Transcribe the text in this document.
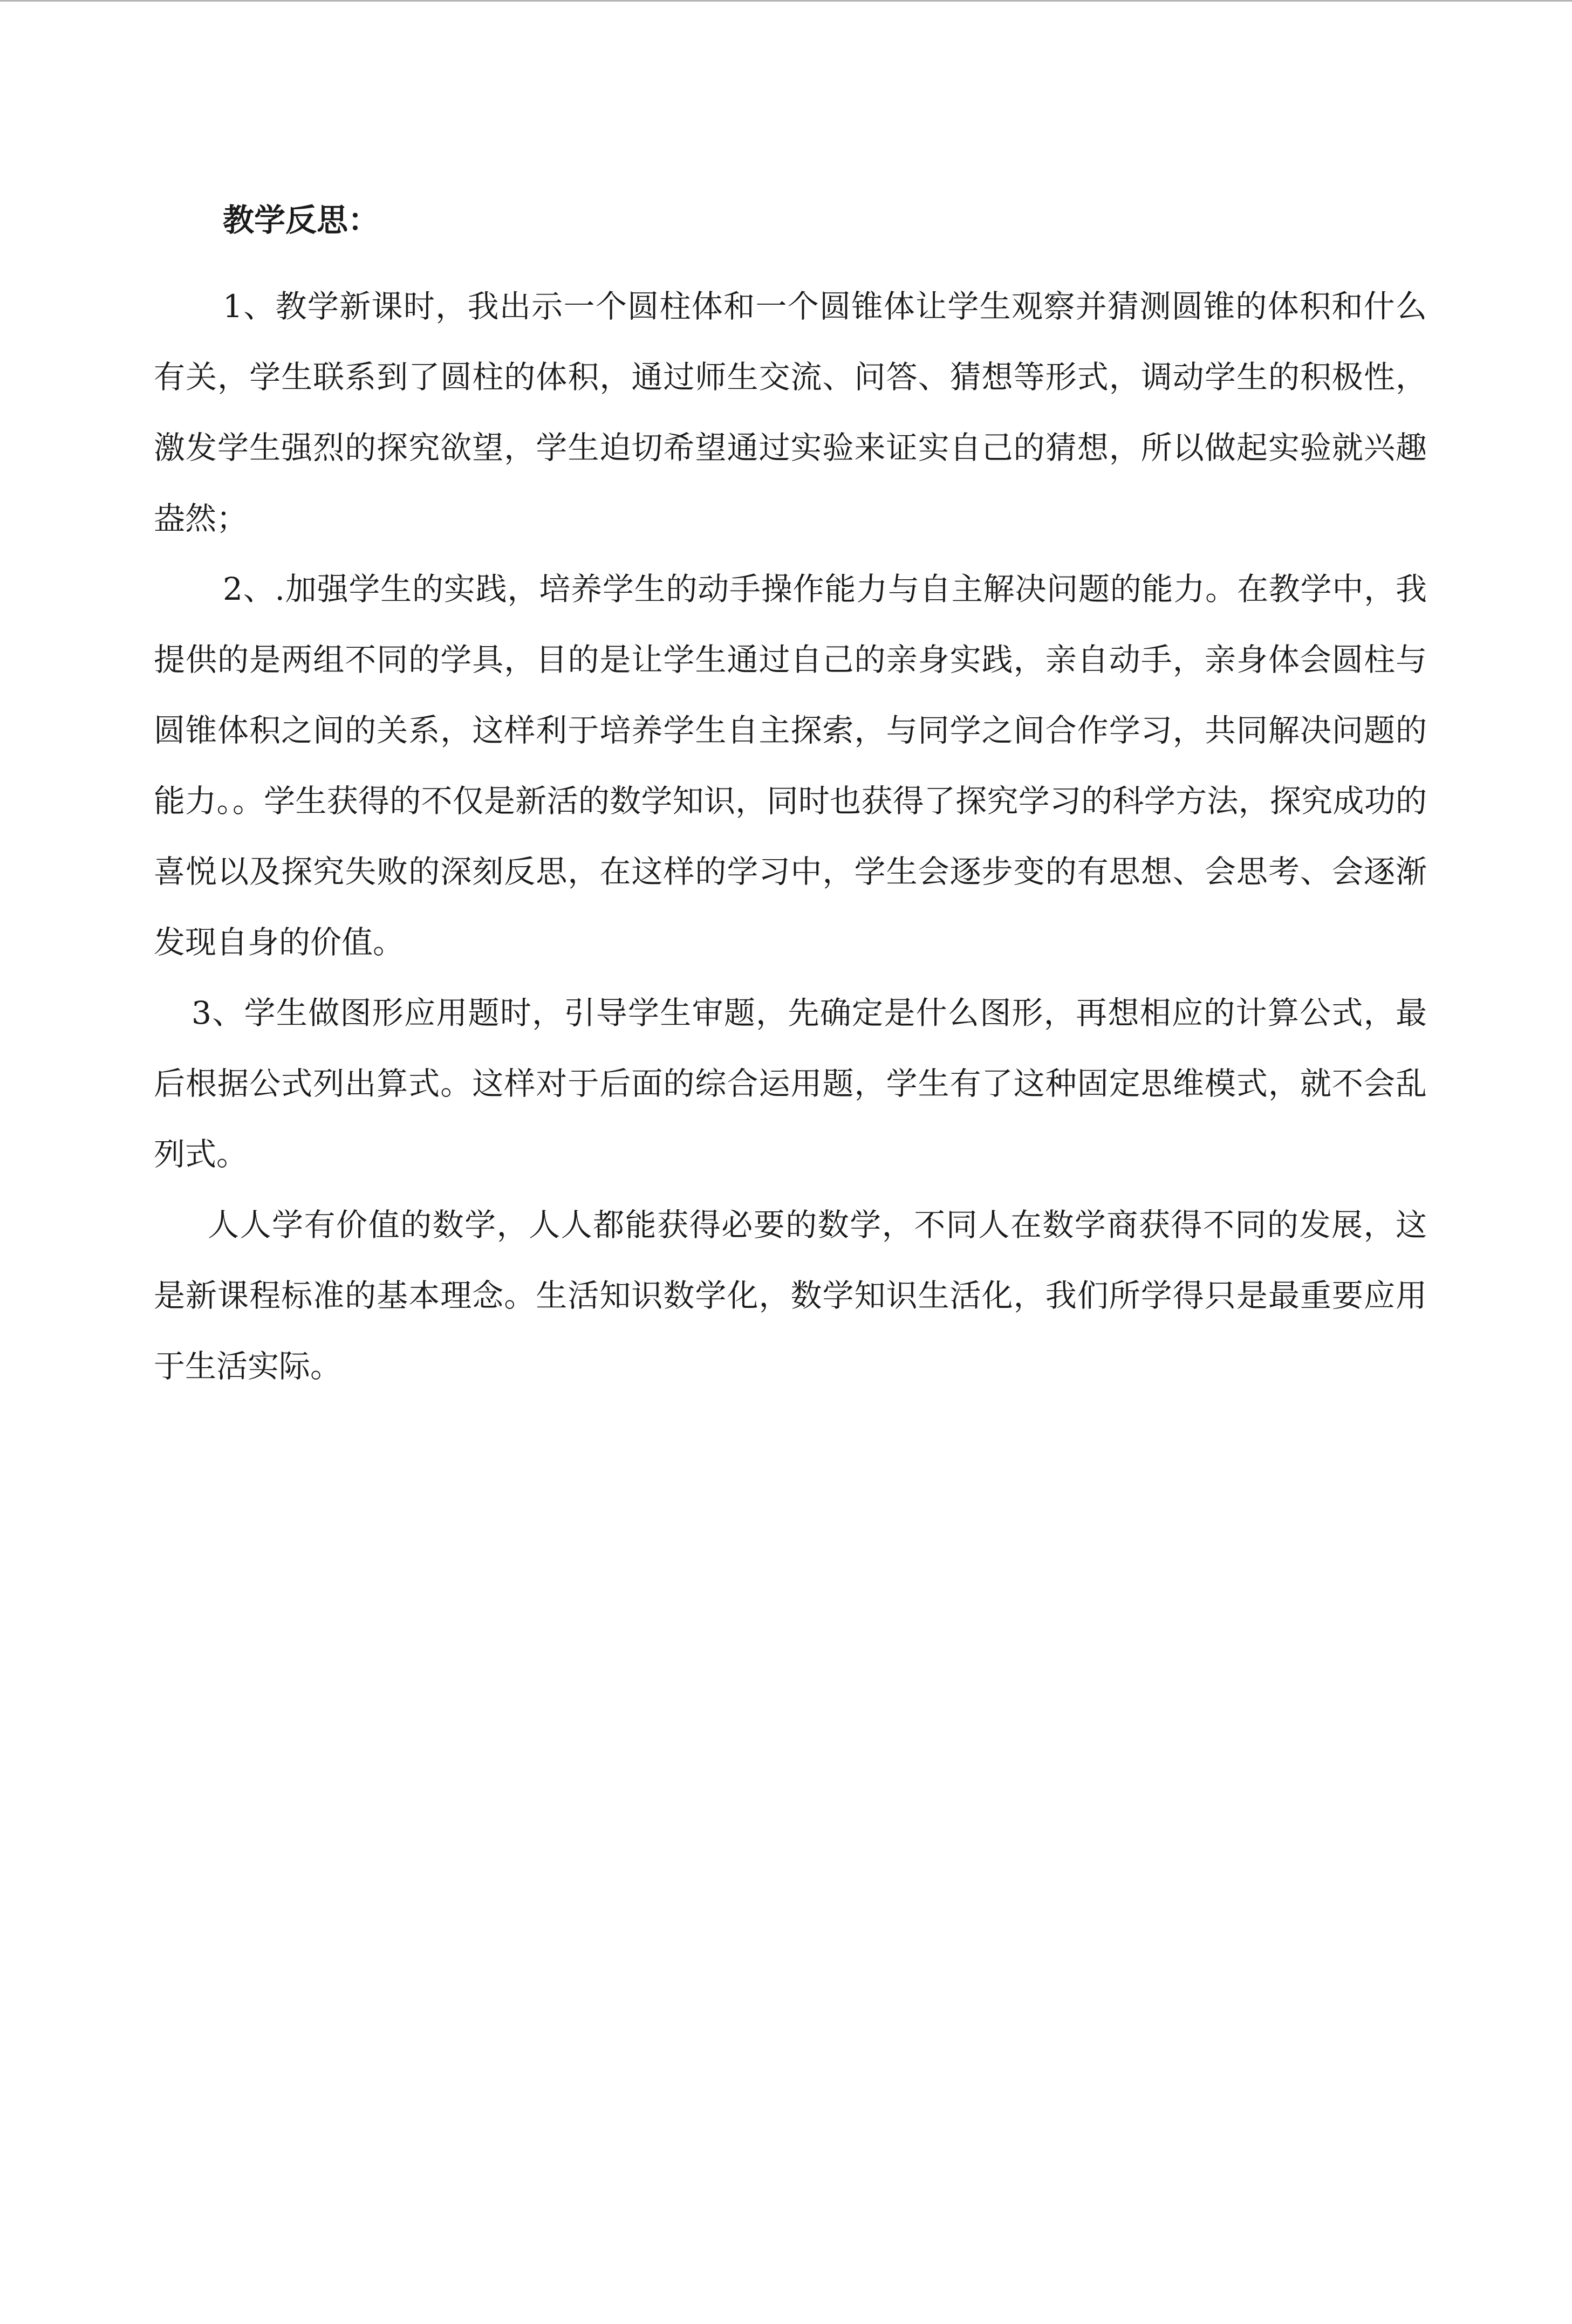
教学反思：

1、教学新课时，我出示一个圆柱体和一个圆锥体让学生观察并猜测圆锥的体积和什么有关，学生联系到了圆柱的体积，通过师生交流、问答、猜想等形式，调动学生的积极性，激发学生强烈的探究欲望，学生迫切希望通过实验来证实自己的猜想，所以做起实验就兴趣盎然；

2、.加强学生的实践，培养学生的动手操作能力与自主解决问题的能力。在教学中，我提供的是两组不同的学具，目的是让学生通过自己的亲身实践，亲自动手，亲身体会圆柱与圆锥体积之间的关系，这样利于培养学生自主探索，与同学之间合作学习，共同解决问题的能力。。学生获得的不仅是新活的数学知识，同时也获得了探究学习的科学方法，探究成功的喜悦以及探究失败的深刻反思，在这样的学习中，学生会逐步变的有思想、会思考、会逐渐发现自身的价值。

3、学生做图形应用题时，引导学生审题，先确定是什么图形，再想相应的计算公式，最后根据公式列出算式。这样对于后面的综合运用题，学生有了这种固定思维模式，就不会乱列式。

人人学有价值的数学，人人都能获得必要的数学，不同人在数学商获得不同的发展，这是新课程标准的基本理念。生活知识数学化，数学知识生活化，我们所学得只是最重要应用于生活实际。
